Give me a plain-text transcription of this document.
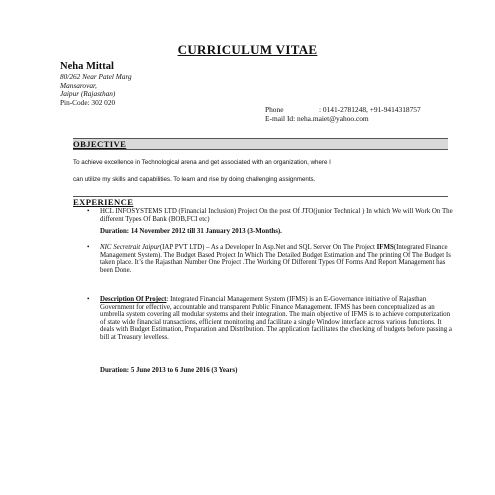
CURRICULUM VITAE
Neha Mittal
80/262 Near Patel Marg
Mansarovar,
Jaipur (Rajasthan)
Pin-Code: 302 020
Phone	: 0141-2781248, +91-9414318757
E-mail Id: neha.maiet@yahoo.com
OBJECTIVE
To achieve excellence in Technological arena and get associated with an organization, where I
can utilize my skills and capabilities. To learn and rise by doing challenging assignments.
EXPERIENCE
• HCL INFOSYSTEMS LTD (Financial Inclusion) Project On the post Of JTO(junior Technical ) In which We will Work On The different Types Of Bank (BOB,FCI etc)
Duration: 14 November 2012 till 31 January 2013 (3-Months).
• NIC Secretrait Jaipur(IAP PVT LTD) – As a Developer In Asp.Net and SQL Server On The Project IFMS(Integrated Finance Management System). The Budget Based Project In Which The Detailed Budget Estimation and The printing Of The Budget Is taken place. It’s the Rajasthan Number One Project .The Working Of Different Types Of Forms And Report Management has been Done.
• Description Of Project: Integrated Financial Management System (IFMS) is an E-Governance initiative of Rajasthan Government for effective, accountable and transparent Public Finance Management. IFMS has been conceptualized as an umbrella system covering all modular systems and their integration. The main objective of IFMS is to achieve computerization of state wide financial transactions, efficient monitoring and facilitate a single Window interface across various functions. It deals with Budget Estimation, Preparation and Distribution. The application facilitates the checking of budgets before passing a bill at Treasury levelless.
Duration: 5 June 2013 to 6 June 2016 (3 Years)
